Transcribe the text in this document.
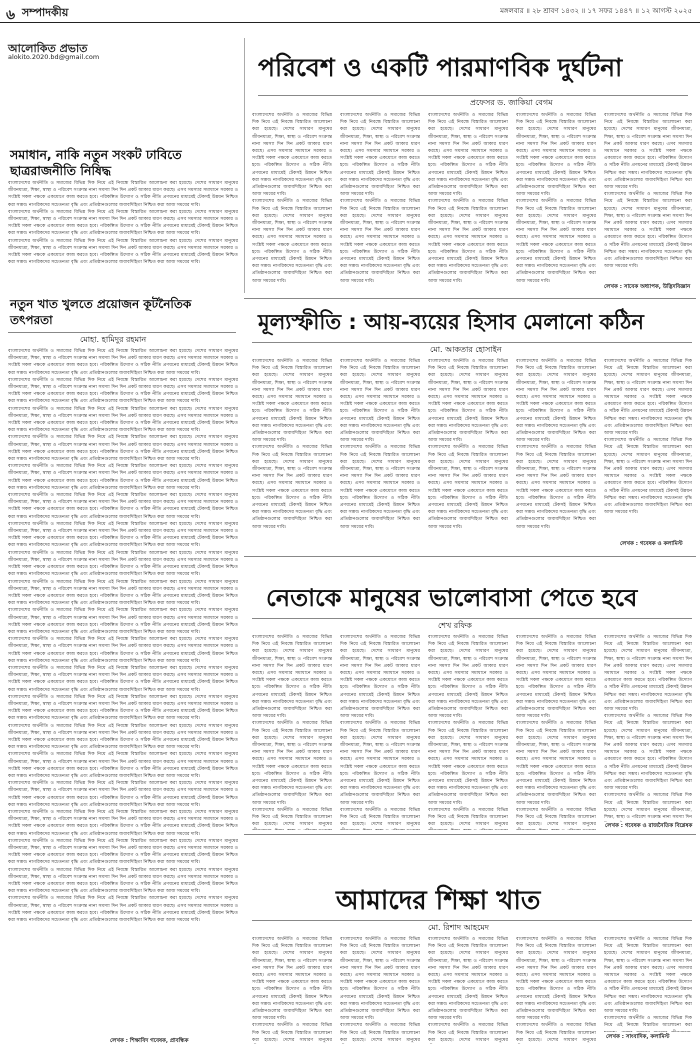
৬ সম্পাদকীয়	মঙ্গলবার ॥ ২৮ শ্রাবণ ১৪৩২ ॥ ১৭ সফর ১৪৪৭ ॥ ১২ আগস্ট ২০২৫
আলোকিত প্রভাত
alokito.2020.bd@gmail.com	পরিবেশ ও একটি পারমাণবিক দুর্ঘটনা
প্রফেসর ড. জাকিয়া বেগম

বাংলাদেশের অর্থনীতি ও সমাজের বিভিন্ন দিক নিয়ে এই নিবন্ধে বিস্তারিত আলোচনা করা হয়েছে। দেশের সাধারণ মানুষের জীবনযাত্রা, শিক্ষা, স্বাস্থ্য ও পরিবেশ সংক্রান্ত নানা সমস্যা দিন দিন প্রকট আকার ধারণ করছে। এসব সমস্যার সমাধানে সরকার ও সংশ্লিষ্ট সকল পক্ষকে একযোগে কাজ করতে হবে। পরিকল্পিত উদ্যোগ ও সঠিক নীতি প্রণয়নের মাধ্যমেই টেকসই উন্নয়ন নিশ্চিত করা সম্ভব। নাগরিকদের সচেতনতা বৃদ্ধি এবং প্রতিষ্ঠানগুলোর জবাবদিহিতা নিশ্চিত করা আজ সময়ের দাবি।

বাংলাদেশের অর্থনীতি ও সমাজের বিভিন্ন দিক নিয়ে এই নিবন্ধে বিস্তারিত আলোচনা করা হয়েছে। দেশের সাধারণ মানুষের জীবনযাত্রা, শিক্ষা, স্বাস্থ্য ও পরিবেশ সংক্রান্ত নানা সমস্যা দিন দিন প্রকট আকার ধারণ করছে। এসব সমস্যার সমাধানে সরকার ও সংশ্লিষ্ট সকল পক্ষকে একযোগে কাজ করতে হবে। পরিকল্পিত উদ্যোগ ও সঠিক নীতি প্রণয়নের মাধ্যমেই টেকসই উন্নয়ন নিশ্চিত করা সম্ভব। নাগরিকদের সচেতনতা বৃদ্ধি এবং প্রতিষ্ঠানগুলোর জবাবদিহিতা নিশ্চিত করা আজ সময়ের দাবি।

বাংলাদেশের অর্থনীতি ও সমাজের বিভিন্ন দিক নিয়ে এই নিবন্ধে বিস্তারিত আলোচনা করা হয়েছে। দেশের সাধারণ মানুষের জীবনযাত্রা, শিক্ষা, স্বাস্থ্য ও পরিবেশ সংক্রান্ত নানা সমস্যা দিন দিন প্রকট আকার ধারণ করছে। এসব সমস্যার সমাধানে সরকার ও সংশ্লিষ্ট সকল পক্ষকে একযোগে কাজ করতে হবে। পরিকল্পিত উদ্যোগ ও সঠিক নীতি প্রণয়নের মাধ্যমেই টেকসই উন্নয়ন নিশ্চিত করা সম্ভব। নাগরিকদের সচেতনতা বৃদ্ধি এবং প্রতিষ্ঠানগুলোর জবাবদিহিতা নিশ্চিত করা আজ সময়ের দাবি।

বাংলাদেশের অর্থনীতি ও সমাজের বিভিন্ন দিক নিয়ে এই নিবন্ধে বিস্তারিত আলোচনা করা হয়েছে। দেশের সাধারণ মানুষের জীবনযাত্রা, শিক্ষা, স্বাস্থ্য ও পরিবেশ সংক্রান্ত নানা সমস্যা দিন দিন প্রকট আকার ধারণ করছে। এসব সমস্যার সমাধানে সরকার ও সংশ্লিষ্ট সকল পক্ষকে একযোগে কাজ করতে হবে। পরিকল্পিত উদ্যোগ ও সঠিক নীতি প্রণয়নের মাধ্যমেই টেকসই উন্নয়ন নিশ্চিত করা সম্ভব। নাগরিকদের সচেতনতা বৃদ্ধি এবং প্রতিষ্ঠানগুলোর জবাবদিহিতা নিশ্চিত করা আজ সময়ের দাবি।

বাংলাদেশের অর্থনীতি ও সমাজের বিভিন্ন দিক নিয়ে এই নিবন্ধে বিস্তারিত আলোচনা করা হয়েছে। দেশের সাধারণ মানুষের জীবনযাত্রা, শিক্ষা, স্বাস্থ্য ও পরিবেশ সংক্রান্ত নানা সমস্যা দিন দিন প্রকট আকার ধারণ করছে। এসব সমস্যার সমাধানে সরকার ও সংশ্লিষ্ট সকল পক্ষকে একযোগে কাজ করতে হবে। পরিকল্পিত উদ্যোগ ও সঠিক নীতি প্রণয়নের মাধ্যমেই টেকসই উন্নয়ন নিশ্চিত করা সম্ভব। নাগরিকদের সচেতনতা বৃদ্ধি এবং প্রতিষ্ঠানগুলোর জবাবদিহিতা নিশ্চিত করা আজ সময়ের দাবি।

বাংলাদেশের অর্থনীতি ও সমাজের বিভিন্ন দিক নিয়ে এই নিবন্ধে বিস্তারিত আলোচনা করা হয়েছে। দেশের সাধারণ মানুষের জীবনযাত্রা, শিক্ষা, স্বাস্থ্য ও পরিবেশ সংক্রান্ত নানা সমস্যা দিন দিন প্রকট আকার ধারণ করছে। এসব সমস্যার সমাধানে সরকার ও সংশ্লিষ্ট সকল পক্ষকে একযোগে কাজ করতে হবে। পরিকল্পিত উদ্যোগ ও সঠিক নীতি প্রণয়নের মাধ্যমেই টেকসই উন্নয়ন নিশ্চিত করা সম্ভব। নাগরিকদের সচেতনতা বৃদ্ধি এবং প্রতিষ্ঠানগুলোর জবাবদিহিতা নিশ্চিত করা আজ সময়ের দাবি।

বাংলাদেশের অর্থনীতি ও সমাজের বিভিন্ন দিক নিয়ে এই নিবন্ধে বিস্তারিত আলোচনা করা হয়েছে। দেশের সাধারণ মানুষের জীবনযাত্রা, শিক্ষা, স্বাস্থ্য ও পরিবেশ সংক্রান্ত নানা সমস্যা দিন দিন প্রকট আকার ধারণ করছে। এসব সমস্যার সমাধানে সরকার ও সংশ্লিষ্ট সকল পক্ষকে একযোগে কাজ করতে হবে। পরিকল্পিত উদ্যোগ ও সঠিক নীতি প্রণয়নের মাধ্যমেই টেকসই উন্নয়ন নিশ্চিত করা সম্ভব। নাগরিকদের সচেতনতা বৃদ্ধি এবং প্রতিষ্ঠানগুলোর জবাবদিহিতা নিশ্চিত করা আজ সময়ের দাবি।

বাংলাদেশের অর্থনীতি ও সমাজের বিভিন্ন দিক নিয়ে এই নিবন্ধে বিস্তারিত আলোচনা করা হয়েছে। দেশের সাধারণ মানুষের জীবনযাত্রা, শিক্ষা, স্বাস্থ্য ও পরিবেশ সংক্রান্ত নানা সমস্যা দিন দিন প্রকট আকার ধারণ করছে। এসব সমস্যার সমাধানে সরকার ও সংশ্লিষ্ট সকল পক্ষকে একযোগে কাজ করতে হবে। পরিকল্পিত উদ্যোগ ও সঠিক নীতি প্রণয়নের মাধ্যমেই টেকসই উন্নয়ন নিশ্চিত করা সম্ভব। নাগরিকদের সচেতনতা বৃদ্ধি এবং প্রতিষ্ঠানগুলোর জবাবদিহিতা নিশ্চিত করা আজ সময়ের দাবি।

বাংলাদেশের অর্থনীতি ও সমাজের বিভিন্ন দিক নিয়ে এই নিবন্ধে বিস্তারিত আলোচনা করা হয়েছে। দেশের সাধারণ মানুষের জীবনযাত্রা, শিক্ষা, স্বাস্থ্য ও পরিবেশ সংক্রান্ত নানা সমস্যা দিন দিন প্রকট আকার ধারণ করছে। এসব সমস্যার সমাধানে সরকার ও সংশ্লিষ্ট সকল পক্ষকে একযোগে কাজ করতে হবে। পরিকল্পিত উদ্যোগ ও সঠিক নীতি প্রণয়নের মাধ্যমেই টেকসই উন্নয়ন নিশ্চিত করা সম্ভব। নাগরিকদের সচেতনতা বৃদ্ধি এবং প্রতিষ্ঠানগুলোর জবাবদিহিতা নিশ্চিত করা আজ সময়ের দাবি।

বাংলাদেশের অর্থনীতি ও সমাজের বিভিন্ন দিক নিয়ে এই নিবন্ধে বিস্তারিত আলোচনা করা হয়েছে। দেশের সাধারণ মানুষের জীবনযাত্রা, শিক্ষা, স্বাস্থ্য ও পরিবেশ সংক্রান্ত নানা সমস্যা দিন দিন প্রকট আকার ধারণ করছে। এসব সমস্যার সমাধানে সরকার ও সংশ্লিষ্ট সকল পক্ষকে একযোগে কাজ করতে হবে। পরিকল্পিত উদ্যোগ ও সঠিক নীতি প্রণয়নের মাধ্যমেই টেকসই উন্নয়ন নিশ্চিত করা সম্ভব। নাগরিকদের সচেতনতা বৃদ্ধি এবং প্রতিষ্ঠানগুলোর জবাবদিহিতা নিশ্চিত করা আজ সময়ের দাবি।

লেখক : সাবেক অধ্যাপক, উদ্ভিদবিজ্ঞান
সমাধান, নাকি নতুন সংকট ঢাবিতে ছাত্ররাজনীতি নিষিদ্ধ

বাংলাদেশের অর্থনীতি ও সমাজের বিভিন্ন দিক নিয়ে এই নিবন্ধে বিস্তারিত আলোচনা করা হয়েছে। দেশের সাধারণ মানুষের জীবনযাত্রা, শিক্ষা, স্বাস্থ্য ও পরিবেশ সংক্রান্ত নানা সমস্যা দিন দিন প্রকট আকার ধারণ করছে। এসব সমস্যার সমাধানে সরকার ও সংশ্লিষ্ট সকল পক্ষকে একযোগে কাজ করতে হবে। পরিকল্পিত উদ্যোগ ও সঠিক নীতি প্রণয়নের মাধ্যমেই টেকসই উন্নয়ন নিশ্চিত করা সম্ভব। নাগরিকদের সচেতনতা বৃদ্ধি এবং প্রতিষ্ঠানগুলোর জবাবদিহিতা নিশ্চিত করা আজ সময়ের দাবি।

বাংলাদেশের অর্থনীতি ও সমাজের বিভিন্ন দিক নিয়ে এই নিবন্ধে বিস্তারিত আলোচনা করা হয়েছে। দেশের সাধারণ মানুষের জীবনযাত্রা, শিক্ষা, স্বাস্থ্য ও পরিবেশ সংক্রান্ত নানা সমস্যা দিন দিন প্রকট আকার ধারণ করছে। এসব সমস্যার সমাধানে সরকার ও সংশ্লিষ্ট সকল পক্ষকে একযোগে কাজ করতে হবে। পরিকল্পিত উদ্যোগ ও সঠিক নীতি প্রণয়নের মাধ্যমেই টেকসই উন্নয়ন নিশ্চিত করা সম্ভব। নাগরিকদের সচেতনতা বৃদ্ধি এবং প্রতিষ্ঠানগুলোর জবাবদিহিতা নিশ্চিত করা আজ সময়ের দাবি।

বাংলাদেশের অর্থনীতি ও সমাজের বিভিন্ন দিক নিয়ে এই নিবন্ধে বিস্তারিত আলোচনা করা হয়েছে। দেশের সাধারণ মানুষের জীবনযাত্রা, শিক্ষা, স্বাস্থ্য ও পরিবেশ সংক্রান্ত নানা সমস্যা দিন দিন প্রকট আকার ধারণ করছে। এসব সমস্যার সমাধানে সরকার ও সংশ্লিষ্ট সকল পক্ষকে একযোগে কাজ করতে হবে। পরিকল্পিত উদ্যোগ ও সঠিক নীতি প্রণয়নের মাধ্যমেই টেকসই উন্নয়ন নিশ্চিত করা সম্ভব। নাগরিকদের সচেতনতা বৃদ্ধি এবং প্রতিষ্ঠানগুলোর জবাবদিহিতা নিশ্চিত করা আজ সময়ের দাবি।

নতুন খাত খুলতে প্রয়োজন কূটনৈতিক তৎপরতা
মোহা. হামিদুর রহমান

বাংলাদেশের অর্থনীতি ও সমাজের বিভিন্ন দিক নিয়ে এই নিবন্ধে বিস্তারিত আলোচনা করা হয়েছে। দেশের সাধারণ মানুষের জীবনযাত্রা, শিক্ষা, স্বাস্থ্য ও পরিবেশ সংক্রান্ত নানা সমস্যা দিন দিন প্রকট আকার ধারণ করছে। এসব সমস্যার সমাধানে সরকার ও সংশ্লিষ্ট সকল পক্ষকে একযোগে কাজ করতে হবে। পরিকল্পিত উদ্যোগ ও সঠিক নীতি প্রণয়নের মাধ্যমেই টেকসই উন্নয়ন নিশ্চিত করা সম্ভব। নাগরিকদের সচেতনতা বৃদ্ধি এবং প্রতিষ্ঠানগুলোর জবাবদিহিতা নিশ্চিত করা আজ সময়ের দাবি।

বাংলাদেশের অর্থনীতি ও সমাজের বিভিন্ন দিক নিয়ে এই নিবন্ধে বিস্তারিত আলোচনা করা হয়েছে। দেশের সাধারণ মানুষের জীবনযাত্রা, শিক্ষা, স্বাস্থ্য ও পরিবেশ সংক্রান্ত নানা সমস্যা দিন দিন প্রকট আকার ধারণ করছে। এসব সমস্যার সমাধানে সরকার ও সংশ্লিষ্ট সকল পক্ষকে একযোগে কাজ করতে হবে। পরিকল্পিত উদ্যোগ ও সঠিক নীতি প্রণয়নের মাধ্যমেই টেকসই উন্নয়ন নিশ্চিত করা সম্ভব। নাগরিকদের সচেতনতা বৃদ্ধি এবং প্রতিষ্ঠানগুলোর জবাবদিহিতা নিশ্চিত করা আজ সময়ের দাবি।

বাংলাদেশের অর্থনীতি ও সমাজের বিভিন্ন দিক নিয়ে এই নিবন্ধে বিস্তারিত আলোচনা করা হয়েছে। দেশের সাধারণ মানুষের জীবনযাত্রা, শিক্ষা, স্বাস্থ্য ও পরিবেশ সংক্রান্ত নানা সমস্যা দিন দিন প্রকট আকার ধারণ করছে। এসব সমস্যার সমাধানে সরকার ও সংশ্লিষ্ট সকল পক্ষকে একযোগে কাজ করতে হবে। পরিকল্পিত উদ্যোগ ও সঠিক নীতি প্রণয়নের মাধ্যমেই টেকসই উন্নয়ন নিশ্চিত করা সম্ভব। নাগরিকদের সচেতনতা বৃদ্ধি এবং প্রতিষ্ঠানগুলোর জবাবদিহিতা নিশ্চিত করা আজ সময়ের দাবি।

বাংলাদেশের অর্থনীতি ও সমাজের বিভিন্ন দিক নিয়ে এই নিবন্ধে বিস্তারিত আলোচনা করা হয়েছে। দেশের সাধারণ মানুষের জীবনযাত্রা, শিক্ষা, স্বাস্থ্য ও পরিবেশ সংক্রান্ত নানা সমস্যা দিন দিন প্রকট আকার ধারণ করছে। এসব সমস্যার সমাধানে সরকার ও সংশ্লিষ্ট সকল পক্ষকে একযোগে কাজ করতে হবে। পরিকল্পিত উদ্যোগ ও সঠিক নীতি প্রণয়নের মাধ্যমেই টেকসই উন্নয়ন নিশ্চিত করা সম্ভব। নাগরিকদের সচেতনতা বৃদ্ধি এবং প্রতিষ্ঠানগুলোর জবাবদিহিতা নিশ্চিত করা আজ সময়ের দাবি।

বাংলাদেশের অর্থনীতি ও সমাজের বিভিন্ন দিক নিয়ে এই নিবন্ধে বিস্তারিত আলোচনা করা হয়েছে। দেশের সাধারণ মানুষের জীবনযাত্রা, শিক্ষা, স্বাস্থ্য ও পরিবেশ সংক্রান্ত নানা সমস্যা দিন দিন প্রকট আকার ধারণ করছে। এসব সমস্যার সমাধানে সরকার ও সংশ্লিষ্ট সকল পক্ষকে একযোগে কাজ করতে হবে। পরিকল্পিত উদ্যোগ ও সঠিক নীতি প্রণয়নের মাধ্যমেই টেকসই উন্নয়ন নিশ্চিত করা সম্ভব। নাগরিকদের সচেতনতা বৃদ্ধি এবং প্রতিষ্ঠানগুলোর জবাবদিহিতা নিশ্চিত করা আজ সময়ের দাবি।

বাংলাদেশের অর্থনীতি ও সমাজের বিভিন্ন দিক নিয়ে এই নিবন্ধে বিস্তারিত আলোচনা করা হয়েছে। দেশের সাধারণ মানুষের জীবনযাত্রা, শিক্ষা, স্বাস্থ্য ও পরিবেশ সংক্রান্ত নানা সমস্যা দিন দিন প্রকট আকার ধারণ করছে। এসব সমস্যার সমাধানে সরকার ও সংশ্লিষ্ট সকল পক্ষকে একযোগে কাজ করতে হবে। পরিকল্পিত উদ্যোগ ও সঠিক নীতি প্রণয়নের মাধ্যমেই টেকসই উন্নয়ন নিশ্চিত করা সম্ভব। নাগরিকদের সচেতনতা বৃদ্ধি এবং প্রতিষ্ঠানগুলোর জবাবদিহিতা নিশ্চিত করা আজ সময়ের দাবি।

বাংলাদেশের অর্থনীতি ও সমাজের বিভিন্ন দিক নিয়ে এই নিবন্ধে বিস্তারিত আলোচনা করা হয়েছে। দেশের সাধারণ মানুষের জীবনযাত্রা, শিক্ষা, স্বাস্থ্য ও পরিবেশ সংক্রান্ত নানা সমস্যা দিন দিন প্রকট আকার ধারণ করছে। এসব সমস্যার সমাধানে সরকার ও সংশ্লিষ্ট সকল পক্ষকে একযোগে কাজ করতে হবে। পরিকল্পিত উদ্যোগ ও সঠিক নীতি প্রণয়নের মাধ্যমেই টেকসই উন্নয়ন নিশ্চিত করা সম্ভব। নাগরিকদের সচেতনতা বৃদ্ধি এবং প্রতিষ্ঠানগুলোর জবাবদিহিতা নিশ্চিত করা আজ সময়ের দাবি।

বাংলাদেশের অর্থনীতি ও সমাজের বিভিন্ন দিক নিয়ে এই নিবন্ধে বিস্তারিত আলোচনা করা হয়েছে। দেশের সাধারণ মানুষের জীবনযাত্রা, শিক্ষা, স্বাস্থ্য ও পরিবেশ সংক্রান্ত নানা সমস্যা দিন দিন প্রকট আকার ধারণ করছে। এসব সমস্যার সমাধানে সরকার ও সংশ্লিষ্ট সকল পক্ষকে একযোগে কাজ করতে হবে। পরিকল্পিত উদ্যোগ ও সঠিক নীতি প্রণয়নের মাধ্যমেই টেকসই উন্নয়ন নিশ্চিত করা সম্ভব। নাগরিকদের সচেতনতা বৃদ্ধি এবং প্রতিষ্ঠানগুলোর জবাবদিহিতা নিশ্চিত করা আজ সময়ের দাবি।

বাংলাদেশের অর্থনীতি ও সমাজের বিভিন্ন দিক নিয়ে এই নিবন্ধে বিস্তারিত আলোচনা করা হয়েছে। দেশের সাধারণ মানুষের জীবনযাত্রা, শিক্ষা, স্বাস্থ্য ও পরিবেশ সংক্রান্ত নানা সমস্যা দিন দিন প্রকট আকার ধারণ করছে। এসব সমস্যার সমাধানে সরকার ও সংশ্লিষ্ট সকল পক্ষকে একযোগে কাজ করতে হবে। পরিকল্পিত উদ্যোগ ও সঠিক নীতি প্রণয়নের মাধ্যমেই টেকসই উন্নয়ন নিশ্চিত করা সম্ভব। নাগরিকদের সচেতনতা বৃদ্ধি এবং প্রতিষ্ঠানগুলোর জবাবদিহিতা নিশ্চিত করা আজ সময়ের দাবি।

বাংলাদেশের অর্থনীতি ও সমাজের বিভিন্ন দিক নিয়ে এই নিবন্ধে বিস্তারিত আলোচনা করা হয়েছে। দেশের সাধারণ মানুষের জীবনযাত্রা, শিক্ষা, স্বাস্থ্য ও পরিবেশ সংক্রান্ত নানা সমস্যা দিন দিন প্রকট আকার ধারণ করছে। এসব সমস্যার সমাধানে সরকার ও সংশ্লিষ্ট সকল পক্ষকে একযোগে কাজ করতে হবে। পরিকল্পিত উদ্যোগ ও সঠিক নীতি প্রণয়নের মাধ্যমেই টেকসই উন্নয়ন নিশ্চিত করা সম্ভব। নাগরিকদের সচেতনতা বৃদ্ধি এবং প্রতিষ্ঠানগুলোর জবাবদিহিতা নিশ্চিত করা আজ সময়ের দাবি।

বাংলাদেশের অর্থনীতি ও সমাজের বিভিন্ন দিক নিয়ে এই নিবন্ধে বিস্তারিত আলোচনা করা হয়েছে। দেশের সাধারণ মানুষের জীবনযাত্রা, শিক্ষা, স্বাস্থ্য ও পরিবেশ সংক্রান্ত নানা সমস্যা দিন দিন প্রকট আকার ধারণ করছে। এসব সমস্যার সমাধানে সরকার ও সংশ্লিষ্ট সকল পক্ষকে একযোগে কাজ করতে হবে। পরিকল্পিত উদ্যোগ ও সঠিক নীতি প্রণয়নের মাধ্যমেই টেকসই উন্নয়ন নিশ্চিত করা সম্ভব। নাগরিকদের সচেতনতা বৃদ্ধি এবং প্রতিষ্ঠানগুলোর জবাবদিহিতা নিশ্চিত করা আজ সময়ের দাবি।

বাংলাদেশের অর্থনীতি ও সমাজের বিভিন্ন দিক নিয়ে এই নিবন্ধে বিস্তারিত আলোচনা করা হয়েছে। দেশের সাধারণ মানুষের জীবনযাত্রা, শিক্ষা, স্বাস্থ্য ও পরিবেশ সংক্রান্ত নানা সমস্যা দিন দিন প্রকট আকার ধারণ করছে। এসব সমস্যার সমাধানে সরকার ও সংশ্লিষ্ট সকল পক্ষকে একযোগে কাজ করতে হবে। পরিকল্পিত উদ্যোগ ও সঠিক নীতি প্রণয়নের মাধ্যমেই টেকসই উন্নয়ন নিশ্চিত করা সম্ভব। নাগরিকদের সচেতনতা বৃদ্ধি এবং প্রতিষ্ঠানগুলোর জবাবদিহিতা নিশ্চিত করা আজ সময়ের দাবি।

বাংলাদেশের অর্থনীতি ও সমাজের বিভিন্ন দিক নিয়ে এই নিবন্ধে বিস্তারিত আলোচনা করা হয়েছে। দেশের সাধারণ মানুষের জীবনযাত্রা, শিক্ষা, স্বাস্থ্য ও পরিবেশ সংক্রান্ত নানা সমস্যা দিন দিন প্রকট আকার ধারণ করছে। এসব সমস্যার সমাধানে সরকার ও সংশ্লিষ্ট সকল পক্ষকে একযোগে কাজ করতে হবে। পরিকল্পিত উদ্যোগ ও সঠিক নীতি প্রণয়নের মাধ্যমেই টেকসই উন্নয়ন নিশ্চিত করা সম্ভব। নাগরিকদের সচেতনতা বৃদ্ধি এবং প্রতিষ্ঠানগুলোর জবাবদিহিতা নিশ্চিত করা আজ সময়ের দাবি।

বাংলাদেশের অর্থনীতি ও সমাজের বিভিন্ন দিক নিয়ে এই নিবন্ধে বিস্তারিত আলোচনা করা হয়েছে। দেশের সাধারণ মানুষের জীবনযাত্রা, শিক্ষা, স্বাস্থ্য ও পরিবেশ সংক্রান্ত নানা সমস্যা দিন দিন প্রকট আকার ধারণ করছে। এসব সমস্যার সমাধানে সরকার ও সংশ্লিষ্ট সকল পক্ষকে একযোগে কাজ করতে হবে। পরিকল্পিত উদ্যোগ ও সঠিক নীতি প্রণয়নের মাধ্যমেই টেকসই উন্নয়ন নিশ্চিত করা সম্ভব। নাগরিকদের সচেতনতা বৃদ্ধি এবং প্রতিষ্ঠানগুলোর জবাবদিহিতা নিশ্চিত করা আজ সময়ের দাবি।

বাংলাদেশের অর্থনীতি ও সমাজের বিভিন্ন দিক নিয়ে এই নিবন্ধে বিস্তারিত আলোচনা করা হয়েছে। দেশের সাধারণ মানুষের জীবনযাত্রা, শিক্ষা, স্বাস্থ্য ও পরিবেশ সংক্রান্ত নানা সমস্যা দিন দিন প্রকট আকার ধারণ করছে। এসব সমস্যার সমাধানে সরকার ও সংশ্লিষ্ট সকল পক্ষকে একযোগে কাজ করতে হবে। পরিকল্পিত উদ্যোগ ও সঠিক নীতি প্রণয়নের মাধ্যমেই টেকসই উন্নয়ন নিশ্চিত করা সম্ভব। নাগরিকদের সচেতনতা বৃদ্ধি এবং প্রতিষ্ঠানগুলোর জবাবদিহিতা নিশ্চিত করা আজ সময়ের দাবি।

বাংলাদেশের অর্থনীতি ও সমাজের বিভিন্ন দিক নিয়ে এই নিবন্ধে বিস্তারিত আলোচনা করা হয়েছে। দেশের সাধারণ মানুষের জীবনযাত্রা, শিক্ষা, স্বাস্থ্য ও পরিবেশ সংক্রান্ত নানা সমস্যা দিন দিন প্রকট আকার ধারণ করছে। এসব সমস্যার সমাধানে সরকার ও সংশ্লিষ্ট সকল পক্ষকে একযোগে কাজ করতে হবে। পরিকল্পিত উদ্যোগ ও সঠিক নীতি প্রণয়নের মাধ্যমেই টেকসই উন্নয়ন নিশ্চিত করা সম্ভব। নাগরিকদের সচেতনতা বৃদ্ধি এবং প্রতিষ্ঠানগুলোর জবাবদিহিতা নিশ্চিত করা আজ সময়ের দাবি।

বাংলাদেশের অর্থনীতি ও সমাজের বিভিন্ন দিক নিয়ে এই নিবন্ধে বিস্তারিত আলোচনা করা হয়েছে। দেশের সাধারণ মানুষের জীবনযাত্রা, শিক্ষা, স্বাস্থ্য ও পরিবেশ সংক্রান্ত নানা সমস্যা দিন দিন প্রকট আকার ধারণ করছে। এসব সমস্যার সমাধানে সরকার ও সংশ্লিষ্ট সকল পক্ষকে একযোগে কাজ করতে হবে। পরিকল্পিত উদ্যোগ ও সঠিক নীতি প্রণয়নের মাধ্যমেই টেকসই উন্নয়ন নিশ্চিত করা সম্ভব। নাগরিকদের সচেতনতা বৃদ্ধি এবং প্রতিষ্ঠানগুলোর জবাবদিহিতা নিশ্চিত করা আজ সময়ের দাবি।

বাংলাদেশের অর্থনীতি ও সমাজের বিভিন্ন দিক নিয়ে এই নিবন্ধে বিস্তারিত আলোচনা করা হয়েছে। দেশের সাধারণ মানুষের জীবনযাত্রা, শিক্ষা, স্বাস্থ্য ও পরিবেশ সংক্রান্ত নানা সমস্যা দিন দিন প্রকট আকার ধারণ করছে। এসব সমস্যার সমাধানে সরকার ও সংশ্লিষ্ট সকল পক্ষকে একযোগে কাজ করতে হবে। পরিকল্পিত উদ্যোগ ও সঠিক নীতি প্রণয়নের মাধ্যমেই টেকসই উন্নয়ন নিশ্চিত করা সম্ভব। নাগরিকদের সচেতনতা বৃদ্ধি এবং প্রতিষ্ঠানগুলোর জবাবদিহিতা নিশ্চিত করা আজ সময়ের দাবি।

বাংলাদেশের অর্থনীতি ও সমাজের বিভিন্ন দিক নিয়ে এই নিবন্ধে বিস্তারিত আলোচনা করা হয়েছে। দেশের সাধারণ মানুষের জীবনযাত্রা, শিক্ষা, স্বাস্থ্য ও পরিবেশ সংক্রান্ত নানা সমস্যা দিন দিন প্রকট আকার ধারণ করছে। এসব সমস্যার সমাধানে সরকার ও সংশ্লিষ্ট সকল পক্ষকে একযোগে কাজ করতে হবে। পরিকল্পিত উদ্যোগ ও সঠিক নীতি প্রণয়নের মাধ্যমেই টেকসই উন্নয়ন নিশ্চিত করা সম্ভব। নাগরিকদের সচেতনতা বৃদ্ধি এবং প্রতিষ্ঠানগুলোর জবাবদিহিতা নিশ্চিত করা আজ সময়ের দাবি।

বাংলাদেশের অর্থনীতি ও সমাজের বিভিন্ন দিক নিয়ে এই নিবন্ধে বিস্তারিত আলোচনা করা হয়েছে। দেশের সাধারণ মানুষের জীবনযাত্রা, শিক্ষা, স্বাস্থ্য ও পরিবেশ সংক্রান্ত নানা সমস্যা দিন দিন প্রকট আকার ধারণ করছে। এসব সমস্যার সমাধানে সরকার ও সংশ্লিষ্ট সকল পক্ষকে একযোগে কাজ করতে হবে। পরিকল্পিত উদ্যোগ ও সঠিক নীতি প্রণয়নের মাধ্যমেই টেকসই উন্নয়ন নিশ্চিত করা সম্ভব। নাগরিকদের সচেতনতা বৃদ্ধি এবং প্রতিষ্ঠানগুলোর জবাবদিহিতা নিশ্চিত করা আজ সময়ের দাবি।

লেখক : শিক্ষাবিদ গবেষক, প্রাবন্ধিক
মূল্যস্ফীতি : আয়-ব্যয়ের হিসাব মেলানো কঠিন
মো. আকতার হোসাইন

বাংলাদেশের অর্থনীতি ও সমাজের বিভিন্ন দিক নিয়ে এই নিবন্ধে বিস্তারিত আলোচনা করা হয়েছে। দেশের সাধারণ মানুষের জীবনযাত্রা, শিক্ষা, স্বাস্থ্য ও পরিবেশ সংক্রান্ত নানা সমস্যা দিন দিন প্রকট আকার ধারণ করছে। এসব সমস্যার সমাধানে সরকার ও সংশ্লিষ্ট সকল পক্ষকে একযোগে কাজ করতে হবে। পরিকল্পিত উদ্যোগ ও সঠিক নীতি প্রণয়নের মাধ্যমেই টেকসই উন্নয়ন নিশ্চিত করা সম্ভব। নাগরিকদের সচেতনতা বৃদ্ধি এবং প্রতিষ্ঠানগুলোর জবাবদিহিতা নিশ্চিত করা আজ সময়ের দাবি।

বাংলাদেশের অর্থনীতি ও সমাজের বিভিন্ন দিক নিয়ে এই নিবন্ধে বিস্তারিত আলোচনা করা হয়েছে। দেশের সাধারণ মানুষের জীবনযাত্রা, শিক্ষা, স্বাস্থ্য ও পরিবেশ সংক্রান্ত নানা সমস্যা দিন দিন প্রকট আকার ধারণ করছে। এসব সমস্যার সমাধানে সরকার ও সংশ্লিষ্ট সকল পক্ষকে একযোগে কাজ করতে হবে। পরিকল্পিত উদ্যোগ ও সঠিক নীতি প্রণয়নের মাধ্যমেই টেকসই উন্নয়ন নিশ্চিত করা সম্ভব। নাগরিকদের সচেতনতা বৃদ্ধি এবং প্রতিষ্ঠানগুলোর জবাবদিহিতা নিশ্চিত করা আজ সময়ের দাবি।

বাংলাদেশের অর্থনীতি ও সমাজের বিভিন্ন দিক নিয়ে এই নিবন্ধে বিস্তারিত আলোচনা করা হয়েছে। দেশের সাধারণ মানুষের জীবনযাত্রা, শিক্ষা, স্বাস্থ্য ও পরিবেশ সংক্রান্ত নানা সমস্যা দিন দিন প্রকট আকার ধারণ করছে। এসব সমস্যার সমাধানে সরকার ও সংশ্লিষ্ট সকল পক্ষকে একযোগে কাজ করতে হবে। পরিকল্পিত উদ্যোগ ও সঠিক নীতি প্রণয়নের মাধ্যমেই টেকসই উন্নয়ন নিশ্চিত করা সম্ভব। নাগরিকদের সচেতনতা বৃদ্ধি এবং প্রতিষ্ঠানগুলোর জবাবদিহিতা নিশ্চিত করা আজ সময়ের দাবি।

বাংলাদেশের অর্থনীতি ও সমাজের বিভিন্ন দিক নিয়ে এই নিবন্ধে বিস্তারিত আলোচনা করা হয়েছে। দেশের সাধারণ মানুষের জীবনযাত্রা, শিক্ষা, স্বাস্থ্য ও পরিবেশ সংক্রান্ত নানা সমস্যা দিন দিন প্রকট আকার ধারণ করছে। এসব সমস্যার সমাধানে সরকার ও সংশ্লিষ্ট সকল পক্ষকে একযোগে কাজ করতে হবে। পরিকল্পিত উদ্যোগ ও সঠিক নীতি প্রণয়নের মাধ্যমেই টেকসই উন্নয়ন নিশ্চিত করা সম্ভব। নাগরিকদের সচেতনতা বৃদ্ধি এবং প্রতিষ্ঠানগুলোর জবাবদিহিতা নিশ্চিত করা আজ সময়ের দাবি।

বাংলাদেশের অর্থনীতি ও সমাজের বিভিন্ন দিক নিয়ে এই নিবন্ধে বিস্তারিত আলোচনা করা হয়েছে। দেশের সাধারণ মানুষের জীবনযাত্রা, শিক্ষা, স্বাস্থ্য ও পরিবেশ সংক্রান্ত নানা সমস্যা দিন দিন প্রকট আকার ধারণ করছে। এসব সমস্যার সমাধানে সরকার ও সংশ্লিষ্ট সকল পক্ষকে একযোগে কাজ করতে হবে। পরিকল্পিত উদ্যোগ ও সঠিক নীতি প্রণয়নের মাধ্যমেই টেকসই উন্নয়ন নিশ্চিত করা সম্ভব। নাগরিকদের সচেতনতা বৃদ্ধি এবং প্রতিষ্ঠানগুলোর জবাবদিহিতা নিশ্চিত করা আজ সময়ের দাবি।

বাংলাদেশের অর্থনীতি ও সমাজের বিভিন্ন দিক নিয়ে এই নিবন্ধে বিস্তারিত আলোচনা করা হয়েছে। দেশের সাধারণ মানুষের জীবনযাত্রা, শিক্ষা, স্বাস্থ্য ও পরিবেশ সংক্রান্ত নানা সমস্যা দিন দিন প্রকট আকার ধারণ করছে। এসব সমস্যার সমাধানে সরকার ও সংশ্লিষ্ট সকল পক্ষকে একযোগে কাজ করতে হবে। পরিকল্পিত উদ্যোগ ও সঠিক নীতি প্রণয়নের মাধ্যমেই টেকসই উন্নয়ন নিশ্চিত করা সম্ভব। নাগরিকদের সচেতনতা বৃদ্ধি এবং প্রতিষ্ঠানগুলোর জবাবদিহিতা নিশ্চিত করা আজ সময়ের দাবি।

বাংলাদেশের অর্থনীতি ও সমাজের বিভিন্ন দিক নিয়ে এই নিবন্ধে বিস্তারিত আলোচনা করা হয়েছে। দেশের সাধারণ মানুষের জীবনযাত্রা, শিক্ষা, স্বাস্থ্য ও পরিবেশ সংক্রান্ত নানা সমস্যা দিন দিন প্রকট আকার ধারণ করছে। এসব সমস্যার সমাধানে সরকার ও সংশ্লিষ্ট সকল পক্ষকে একযোগে কাজ করতে হবে। পরিকল্পিত উদ্যোগ ও সঠিক নীতি প্রণয়নের মাধ্যমেই টেকসই উন্নয়ন নিশ্চিত করা সম্ভব। নাগরিকদের সচেতনতা বৃদ্ধি এবং প্রতিষ্ঠানগুলোর জবাবদিহিতা নিশ্চিত করা আজ সময়ের দাবি।

বাংলাদেশের অর্থনীতি ও সমাজের বিভিন্ন দিক নিয়ে এই নিবন্ধে বিস্তারিত আলোচনা করা হয়েছে। দেশের সাধারণ মানুষের জীবনযাত্রা, শিক্ষা, স্বাস্থ্য ও পরিবেশ সংক্রান্ত নানা সমস্যা দিন দিন প্রকট আকার ধারণ করছে। এসব সমস্যার সমাধানে সরকার ও সংশ্লিষ্ট সকল পক্ষকে একযোগে কাজ করতে হবে। পরিকল্পিত উদ্যোগ ও সঠিক নীতি প্রণয়নের মাধ্যমেই টেকসই উন্নয়ন নিশ্চিত করা সম্ভব। নাগরিকদের সচেতনতা বৃদ্ধি এবং প্রতিষ্ঠানগুলোর জবাবদিহিতা নিশ্চিত করা আজ সময়ের দাবি।

বাংলাদেশের অর্থনীতি ও সমাজের বিভিন্ন দিক নিয়ে এই নিবন্ধে বিস্তারিত আলোচনা করা হয়েছে। দেশের সাধারণ মানুষের জীবনযাত্রা, শিক্ষা, স্বাস্থ্য ও পরিবেশ সংক্রান্ত নানা সমস্যা দিন দিন প্রকট আকার ধারণ করছে। এসব সমস্যার সমাধানে সরকার ও সংশ্লিষ্ট সকল পক্ষকে একযোগে কাজ করতে হবে। পরিকল্পিত উদ্যোগ ও সঠিক নীতি প্রণয়নের মাধ্যমেই টেকসই উন্নয়ন নিশ্চিত করা সম্ভব। নাগরিকদের সচেতনতা বৃদ্ধি এবং প্রতিষ্ঠানগুলোর জবাবদিহিতা নিশ্চিত করা আজ সময়ের দাবি।

বাংলাদেশের অর্থনীতি ও সমাজের বিভিন্ন দিক নিয়ে এই নিবন্ধে বিস্তারিত আলোচনা করা হয়েছে। দেশের সাধারণ মানুষের জীবনযাত্রা, শিক্ষা, স্বাস্থ্য ও পরিবেশ সংক্রান্ত নানা সমস্যা দিন দিন প্রকট আকার ধারণ করছে। এসব সমস্যার সমাধানে সরকার ও সংশ্লিষ্ট সকল পক্ষকে একযোগে কাজ করতে হবে। পরিকল্পিত উদ্যোগ ও সঠিক নীতি প্রণয়নের মাধ্যমেই টেকসই উন্নয়ন নিশ্চিত করা সম্ভব। নাগরিকদের সচেতনতা বৃদ্ধি এবং প্রতিষ্ঠানগুলোর জবাবদিহিতা নিশ্চিত করা আজ সময়ের দাবি।

লেখক : গবেষক ও কলামিস্ট
নেতাকে মানুষের ভালোবাসা পেতে হবে
শেখ রফিক

বাংলাদেশের অর্থনীতি ও সমাজের বিভিন্ন দিক নিয়ে এই নিবন্ধে বিস্তারিত আলোচনা করা হয়েছে। দেশের সাধারণ মানুষের জীবনযাত্রা, শিক্ষা, স্বাস্থ্য ও পরিবেশ সংক্রান্ত নানা সমস্যা দিন দিন প্রকট আকার ধারণ করছে। এসব সমস্যার সমাধানে সরকার ও সংশ্লিষ্ট সকল পক্ষকে একযোগে কাজ করতে হবে। পরিকল্পিত উদ্যোগ ও সঠিক নীতি প্রণয়নের মাধ্যমেই টেকসই উন্নয়ন নিশ্চিত করা সম্ভব। নাগরিকদের সচেতনতা বৃদ্ধি এবং প্রতিষ্ঠানগুলোর জবাবদিহিতা নিশ্চিত করা আজ সময়ের দাবি।

বাংলাদেশের অর্থনীতি ও সমাজের বিভিন্ন দিক নিয়ে এই নিবন্ধে বিস্তারিত আলোচনা করা হয়েছে। দেশের সাধারণ মানুষের জীবনযাত্রা, শিক্ষা, স্বাস্থ্য ও পরিবেশ সংক্রান্ত নানা সমস্যা দিন দিন প্রকট আকার ধারণ করছে। এসব সমস্যার সমাধানে সরকার ও সংশ্লিষ্ট সকল পক্ষকে একযোগে কাজ করতে হবে। পরিকল্পিত উদ্যোগ ও সঠিক নীতি প্রণয়নের মাধ্যমেই টেকসই উন্নয়ন নিশ্চিত করা সম্ভব। নাগরিকদের সচেতনতা বৃদ্ধি এবং প্রতিষ্ঠানগুলোর জবাবদিহিতা নিশ্চিত করা আজ সময়ের দাবি।

বাংলাদেশের অর্থনীতি ও সমাজের বিভিন্ন দিক নিয়ে এই নিবন্ধে বিস্তারিত আলোচনা করা হয়েছে। দেশের সাধারণ মানুষের

বাংলাদেশের অর্থনীতি ও সমাজের বিভিন্ন দিক নিয়ে এই নিবন্ধে বিস্তারিত আলোচনা করা হয়েছে। দেশের সাধারণ মানুষের জীবনযাত্রা, শিক্ষা, স্বাস্থ্য ও পরিবেশ সংক্রান্ত নানা সমস্যা দিন দিন প্রকট আকার ধারণ করছে। এসব সমস্যার সমাধানে সরকার ও সংশ্লিষ্ট সকল পক্ষকে একযোগে কাজ করতে হবে। পরিকল্পিত উদ্যোগ ও সঠিক নীতি প্রণয়নের মাধ্যমেই টেকসই উন্নয়ন নিশ্চিত করা সম্ভব। নাগরিকদের সচেতনতা বৃদ্ধি এবং প্রতিষ্ঠানগুলোর জবাবদিহিতা নিশ্চিত করা আজ সময়ের দাবি।

বাংলাদেশের অর্থনীতি ও সমাজের বিভিন্ন দিক নিয়ে এই নিবন্ধে বিস্তারিত আলোচনা করা হয়েছে। দেশের সাধারণ মানুষের জীবনযাত্রা, শিক্ষা, স্বাস্থ্য ও পরিবেশ সংক্রান্ত নানা সমস্যা দিন দিন প্রকট আকার ধারণ করছে। এসব সমস্যার সমাধানে সরকার ও সংশ্লিষ্ট সকল পক্ষকে একযোগে কাজ করতে হবে। পরিকল্পিত উদ্যোগ ও সঠিক নীতি প্রণয়নের মাধ্যমেই টেকসই উন্নয়ন নিশ্চিত করা সম্ভব। নাগরিকদের সচেতনতা বৃদ্ধি এবং প্রতিষ্ঠানগুলোর জবাবদিহিতা নিশ্চিত করা আজ সময়ের দাবি।

বাংলাদেশের অর্থনীতি ও সমাজের বিভিন্ন দিক নিয়ে এই নিবন্ধে বিস্তারিত আলোচনা করা হয়েছে। দেশের সাধারণ মানুষের

বাংলাদেশের অর্থনীতি ও সমাজের বিভিন্ন দিক নিয়ে এই নিবন্ধে বিস্তারিত আলোচনা করা হয়েছে। দেশের সাধারণ মানুষের জীবনযাত্রা, শিক্ষা, স্বাস্থ্য ও পরিবেশ সংক্রান্ত নানা সমস্যা দিন দিন প্রকট আকার ধারণ করছে। এসব সমস্যার সমাধানে সরকার ও সংশ্লিষ্ট সকল পক্ষকে একযোগে কাজ করতে হবে। পরিকল্পিত উদ্যোগ ও সঠিক নীতি প্রণয়নের মাধ্যমেই টেকসই উন্নয়ন নিশ্চিত করা সম্ভব। নাগরিকদের সচেতনতা বৃদ্ধি এবং প্রতিষ্ঠানগুলোর জবাবদিহিতা নিশ্চিত করা আজ সময়ের দাবি।

বাংলাদেশের অর্থনীতি ও সমাজের বিভিন্ন দিক নিয়ে এই নিবন্ধে বিস্তারিত আলোচনা করা হয়েছে। দেশের সাধারণ মানুষের জীবনযাত্রা, শিক্ষা, স্বাস্থ্য ও পরিবেশ সংক্রান্ত নানা সমস্যা দিন দিন প্রকট আকার ধারণ করছে। এসব সমস্যার সমাধানে সরকার ও সংশ্লিষ্ট সকল পক্ষকে একযোগে কাজ করতে হবে। পরিকল্পিত উদ্যোগ ও সঠিক নীতি প্রণয়নের মাধ্যমেই টেকসই উন্নয়ন নিশ্চিত করা সম্ভব। নাগরিকদের সচেতনতা বৃদ্ধি এবং প্রতিষ্ঠানগুলোর জবাবদিহিতা নিশ্চিত করা আজ সময়ের দাবি।

বাংলাদেশের অর্থনীতি ও সমাজের বিভিন্ন দিক নিয়ে এই নিবন্ধে বিস্তারিত আলোচনা করা হয়েছে। দেশের সাধারণ মানুষের

বাংলাদেশের অর্থনীতি ও সমাজের বিভিন্ন দিক নিয়ে এই নিবন্ধে বিস্তারিত আলোচনা করা হয়েছে। দেশের সাধারণ মানুষের জীবনযাত্রা, শিক্ষা, স্বাস্থ্য ও পরিবেশ সংক্রান্ত নানা সমস্যা দিন দিন প্রকট আকার ধারণ করছে। এসব সমস্যার সমাধানে সরকার ও সংশ্লিষ্ট সকল পক্ষকে একযোগে কাজ করতে হবে। পরিকল্পিত উদ্যোগ ও সঠিক নীতি প্রণয়নের মাধ্যমেই টেকসই উন্নয়ন নিশ্চিত করা সম্ভব। নাগরিকদের সচেতনতা বৃদ্ধি এবং প্রতিষ্ঠানগুলোর জবাবদিহিতা নিশ্চিত করা আজ সময়ের দাবি।

বাংলাদেশের অর্থনীতি ও সমাজের বিভিন্ন দিক নিয়ে এই নিবন্ধে বিস্তারিত আলোচনা করা হয়েছে। দেশের সাধারণ মানুষের জীবনযাত্রা, শিক্ষা, স্বাস্থ্য ও পরিবেশ সংক্রান্ত নানা সমস্যা দিন দিন প্রকট আকার ধারণ করছে। এসব সমস্যার সমাধানে সরকার ও সংশ্লিষ্ট সকল পক্ষকে একযোগে কাজ করতে হবে। পরিকল্পিত উদ্যোগ ও সঠিক নীতি প্রণয়নের মাধ্যমেই টেকসই উন্নয়ন নিশ্চিত করা সম্ভব। নাগরিকদের সচেতনতা বৃদ্ধি এবং প্রতিষ্ঠানগুলোর জবাবদিহিতা নিশ্চিত করা আজ সময়ের দাবি।

বাংলাদেশের অর্থনীতি ও সমাজের বিভিন্ন দিক নিয়ে এই নিবন্ধে বিস্তারিত আলোচনা করা হয়েছে। দেশের সাধারণ মানুষের

বাংলাদেশের অর্থনীতি ও সমাজের বিভিন্ন দিক নিয়ে এই নিবন্ধে বিস্তারিত আলোচনা করা হয়েছে। দেশের সাধারণ মানুষের জীবনযাত্রা, শিক্ষা, স্বাস্থ্য ও পরিবেশ সংক্রান্ত নানা সমস্যা দিন দিন প্রকট আকার ধারণ করছে। এসব সমস্যার সমাধানে সরকার ও সংশ্লিষ্ট সকল পক্ষকে একযোগে কাজ করতে হবে। পরিকল্পিত উদ্যোগ ও সঠিক নীতি প্রণয়নের মাধ্যমেই টেকসই উন্নয়ন নিশ্চিত করা সম্ভব। নাগরিকদের সচেতনতা বৃদ্ধি এবং প্রতিষ্ঠানগুলোর জবাবদিহিতা নিশ্চিত করা আজ সময়ের দাবি।

বাংলাদেশের অর্থনীতি ও সমাজের বিভিন্ন দিক নিয়ে এই নিবন্ধে বিস্তারিত আলোচনা করা হয়েছে। দেশের সাধারণ মানুষের জীবনযাত্রা, শিক্ষা, স্বাস্থ্য ও পরিবেশ সংক্রান্ত নানা সমস্যা দিন দিন প্রকট আকার ধারণ করছে। এসব সমস্যার সমাধানে সরকার ও সংশ্লিষ্ট সকল পক্ষকে একযোগে কাজ করতে হবে। পরিকল্পিত উদ্যোগ ও সঠিক নীতি প্রণয়নের মাধ্যমেই টেকসই উন্নয়ন নিশ্চিত করা সম্ভব। নাগরিকদের সচেতনতা বৃদ্ধি এবং প্রতিষ্ঠানগুলোর জবাবদিহিতা নিশ্চিত করা আজ সময়ের দাবি।

বাংলাদেশের অর্থনীতি ও সমাজের বিভিন্ন দিক নিয়ে এই নিবন্ধে বিস্তারিত আলোচনা করা হয়েছে। দেশের সাধারণ মানুষের জীবনযাত্রা, শিক্ষা, স্বাস্থ্য ও পরিবেশ সংক্রান্ত নানা সমস্যা দিন

লেখক : গবেষক ও রাজনৈতিক বিশ্লেষক
আমাদের শিক্ষা খাত
মো. রিশাদ আহমেদ

বাংলাদেশের অর্থনীতি ও সমাজের বিভিন্ন দিক নিয়ে এই নিবন্ধে বিস্তারিত আলোচনা করা হয়েছে। দেশের সাধারণ মানুষের জীবনযাত্রা, শিক্ষা, স্বাস্থ্য ও পরিবেশ সংক্রান্ত নানা সমস্যা দিন দিন প্রকট আকার ধারণ করছে। এসব সমস্যার সমাধানে সরকার ও সংশ্লিষ্ট সকল পক্ষকে একযোগে কাজ করতে হবে। পরিকল্পিত উদ্যোগ ও সঠিক নীতি প্রণয়নের মাধ্যমেই টেকসই উন্নয়ন নিশ্চিত করা সম্ভব। নাগরিকদের সচেতনতা বৃদ্ধি এবং প্রতিষ্ঠানগুলোর জবাবদিহিতা নিশ্চিত করা আজ সময়ের দাবি।

বাংলাদেশের অর্থনীতি ও সমাজের বিভিন্ন দিক নিয়ে এই নিবন্ধে বিস্তারিত আলোচনা করা হয়েছে। দেশের সাধারণ মানুষের

বাংলাদেশের অর্থনীতি ও সমাজের বিভিন্ন দিক নিয়ে এই নিবন্ধে বিস্তারিত আলোচনা করা হয়েছে। দেশের সাধারণ মানুষের জীবনযাত্রা, শিক্ষা, স্বাস্থ্য ও পরিবেশ সংক্রান্ত নানা সমস্যা দিন দিন প্রকট আকার ধারণ করছে। এসব সমস্যার সমাধানে সরকার ও সংশ্লিষ্ট সকল পক্ষকে একযোগে কাজ করতে হবে। পরিকল্পিত উদ্যোগ ও সঠিক নীতি প্রণয়নের মাধ্যমেই টেকসই উন্নয়ন নিশ্চিত করা সম্ভব। নাগরিকদের সচেতনতা বৃদ্ধি এবং প্রতিষ্ঠানগুলোর জবাবদিহিতা নিশ্চিত করা আজ সময়ের দাবি।

বাংলাদেশের অর্থনীতি ও সমাজের বিভিন্ন দিক নিয়ে এই নিবন্ধে বিস্তারিত আলোচনা করা হয়েছে। দেশের সাধারণ মানুষের

বাংলাদেশের অর্থনীতি ও সমাজের বিভিন্ন দিক নিয়ে এই নিবন্ধে বিস্তারিত আলোচনা করা হয়েছে। দেশের সাধারণ মানুষের জীবনযাত্রা, শিক্ষা, স্বাস্থ্য ও পরিবেশ সংক্রান্ত নানা সমস্যা দিন দিন প্রকট আকার ধারণ করছে। এসব সমস্যার সমাধানে সরকার ও সংশ্লিষ্ট সকল পক্ষকে একযোগে কাজ করতে হবে। পরিকল্পিত উদ্যোগ ও সঠিক নীতি প্রণয়নের মাধ্যমেই টেকসই উন্নয়ন নিশ্চিত করা সম্ভব। নাগরিকদের সচেতনতা বৃদ্ধি এবং প্রতিষ্ঠানগুলোর জবাবদিহিতা নিশ্চিত করা আজ সময়ের দাবি।

বাংলাদেশের অর্থনীতি ও সমাজের বিভিন্ন দিক নিয়ে এই নিবন্ধে বিস্তারিত আলোচনা করা হয়েছে। দেশের সাধারণ মানুষের

বাংলাদেশের অর্থনীতি ও সমাজের বিভিন্ন দিক নিয়ে এই নিবন্ধে বিস্তারিত আলোচনা করা হয়েছে। দেশের সাধারণ মানুষের জীবনযাত্রা, শিক্ষা, স্বাস্থ্য ও পরিবেশ সংক্রান্ত নানা সমস্যা দিন দিন প্রকট আকার ধারণ করছে। এসব সমস্যার সমাধানে সরকার ও সংশ্লিষ্ট সকল পক্ষকে একযোগে কাজ করতে হবে। পরিকল্পিত উদ্যোগ ও সঠিক নীতি প্রণয়নের মাধ্যমেই টেকসই উন্নয়ন নিশ্চিত করা সম্ভব। নাগরিকদের সচেতনতা বৃদ্ধি এবং প্রতিষ্ঠানগুলোর জবাবদিহিতা নিশ্চিত করা আজ সময়ের দাবি।

বাংলাদেশের অর্থনীতি ও সমাজের বিভিন্ন দিক নিয়ে এই নিবন্ধে বিস্তারিত আলোচনা করা হয়েছে। দেশের সাধারণ মানুষের

বাংলাদেশের অর্থনীতি ও সমাজের বিভিন্ন দিক নিয়ে এই নিবন্ধে বিস্তারিত আলোচনা করা হয়েছে। দেশের সাধারণ মানুষের জীবনযাত্রা, শিক্ষা, স্বাস্থ্য ও পরিবেশ সংক্রান্ত নানা সমস্যা দিন দিন প্রকট আকার ধারণ করছে। এসব সমস্যার সমাধানে সরকার ও সংশ্লিষ্ট সকল পক্ষকে একযোগে কাজ করতে হবে। পরিকল্পিত উদ্যোগ ও সঠিক নীতি প্রণয়নের মাধ্যমেই টেকসই উন্নয়ন নিশ্চিত করা সম্ভব। নাগরিকদের সচেতনতা বৃদ্ধি এবং প্রতিষ্ঠানগুলোর জবাবদিহিতা নিশ্চিত করা আজ সময়ের দাবি।

বাংলাদেশের অর্থনীতি ও সমাজের বিভিন্ন দিক নিয়ে এই নিবন্ধে বিস্তারিত আলোচনা করা

লেখক : সাংবাদিক, কলামিস্ট
